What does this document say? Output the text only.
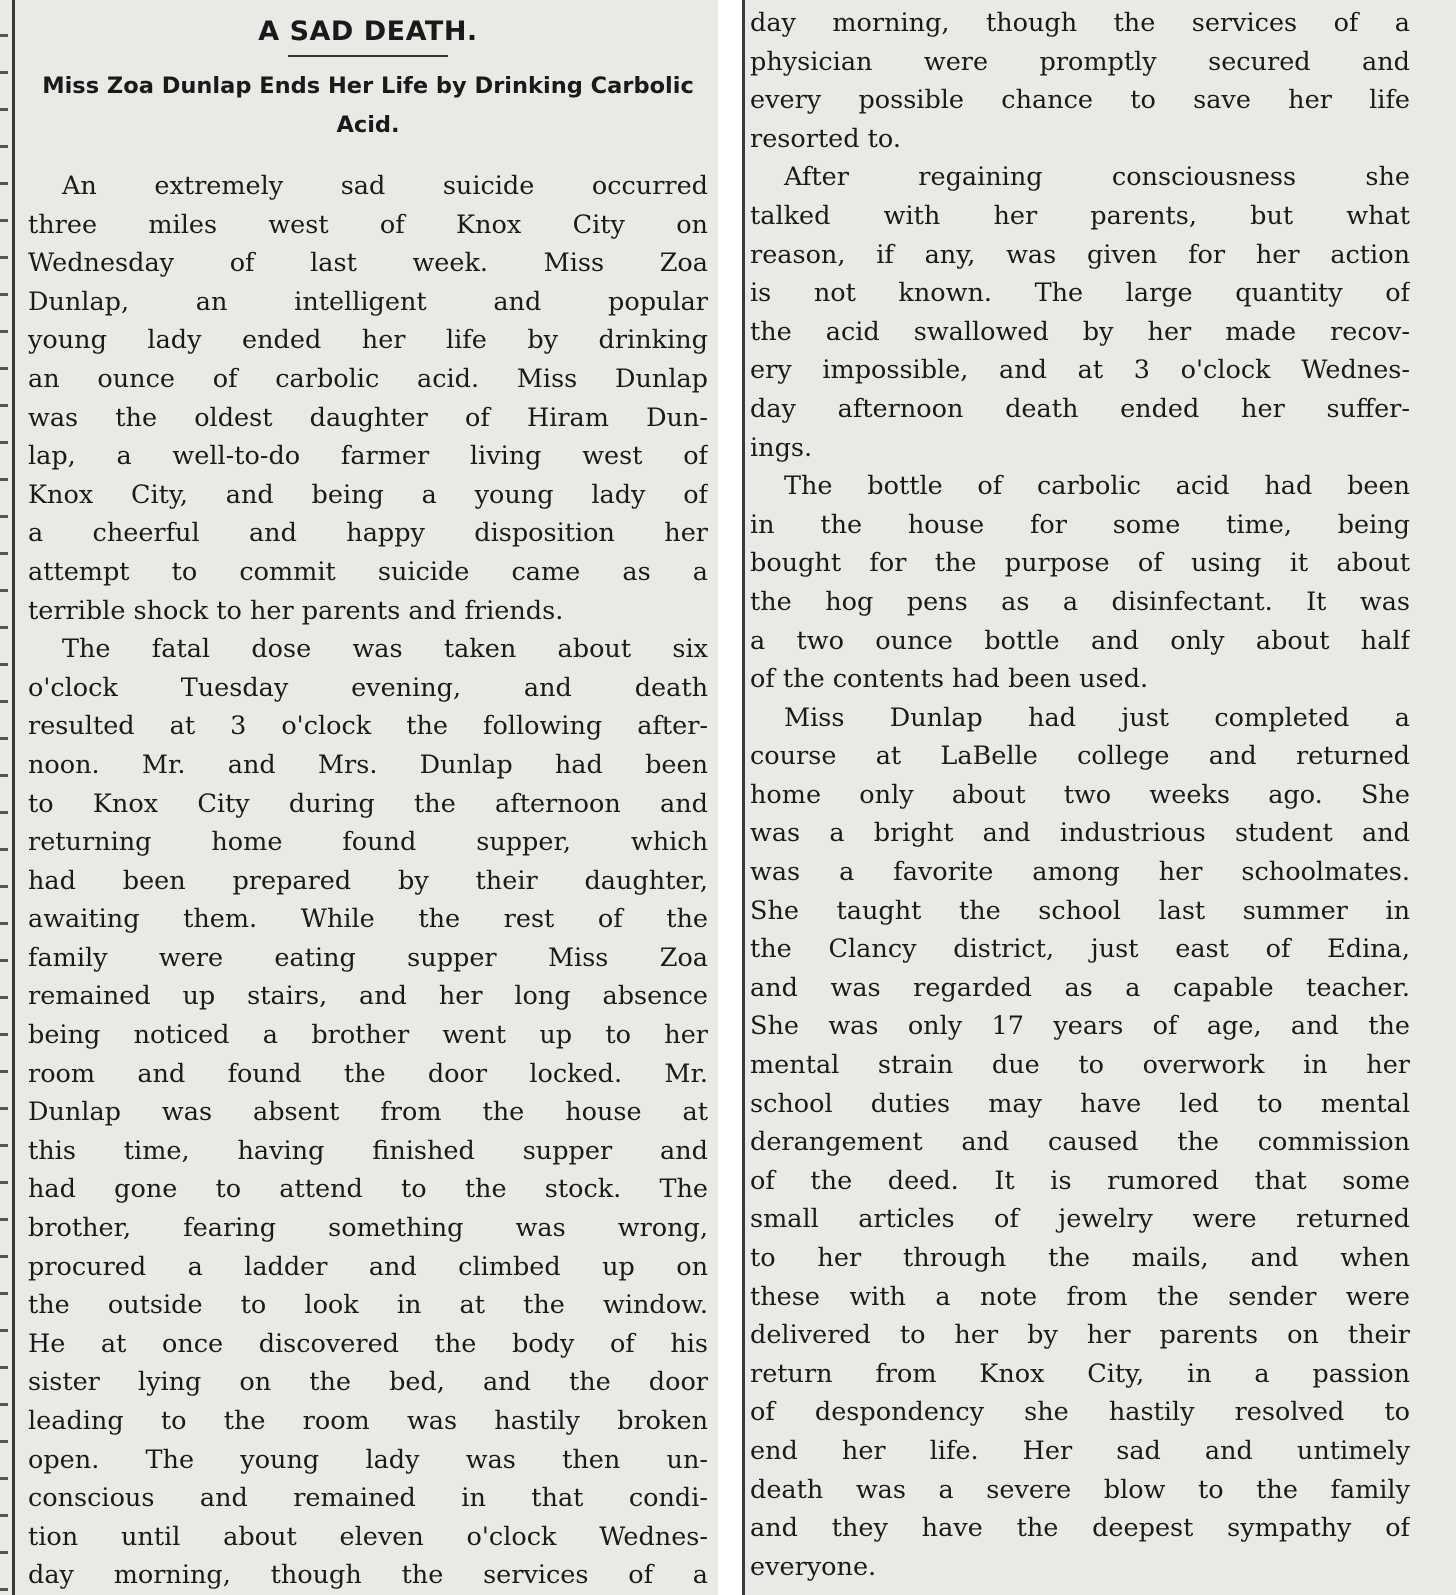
A SAD DEATH.
Miss Zoa Dunlap Ends Her Life by Drinking Carbolic Acid.
An extremely sad suicide occurred
three miles west of Knox City on
Wednesday of last week. Miss Zoa
Dunlap, an intelligent and popular
young lady ended her life by drinking
an ounce of carbolic acid. Miss Dunlap
was the oldest daughter of Hiram Dun-
lap, a well-to-do farmer living west of
Knox City, and being a young lady of
a cheerful and happy disposition her
attempt to commit suicide came as a
terrible shock to her parents and friends.
The fatal dose was taken about six
o'clock Tuesday evening, and death
resulted at 3 o'clock the following after-
noon. Mr. and Mrs. Dunlap had been
to Knox City during the afternoon and
returning home found supper, which
had been prepared by their daughter,
awaiting them. While the rest of the
family were eating supper Miss Zoa
remained up stairs, and her long absence
being noticed a brother went up to her
room and found the door locked. Mr.
Dunlap was absent from the house at
this time, having finished supper and
had gone to attend to the stock. The
brother, fearing something was wrong,
procured a ladder and climbed up on
the outside to look in at the window.
He at once discovered the body of his
sister lying on the bed, and the door
leading to the room was hastily broken
open. The young lady was then un-
conscious and remained in that condi-
tion until about eleven o'clock Wednes-
day morning, though the services of a
day morning, though the services of a
physician were promptly secured and
every possible chance to save her life
resorted to.
After regaining consciousness she
talked with her parents, but what
reason, if any, was given for her action
is not known. The large quantity of
the acid swallowed by her made recov-
ery impossible, and at 3 o'clock Wednes-
day afternoon death ended her suffer-
ings.
The bottle of carbolic acid had been
in the house for some time, being
bought for the purpose of using it about
the hog pens as a disinfectant. It was
a two ounce bottle and only about half
of the contents had been used.
Miss Dunlap had just completed a
course at LaBelle college and returned
home only about two weeks ago. She
was a bright and industrious student and
was a favorite among her schoolmates.
She taught the school last summer in
the Clancy district, just east of Edina,
and was regarded as a capable teacher.
She was only 17 years of age, and the
mental strain due to overwork in her
school duties may have led to mental
derangement and caused the commission
of the deed. It is rumored that some
small articles of jewelry were returned
to her through the mails, and when
these with a note from the sender were
delivered to her by her parents on their
return from Knox City, in a passion
of despondency she hastily resolved to
end her life. Her sad and untimely
death was a severe blow to the family
and they have the deepest sympathy of
everyone.
